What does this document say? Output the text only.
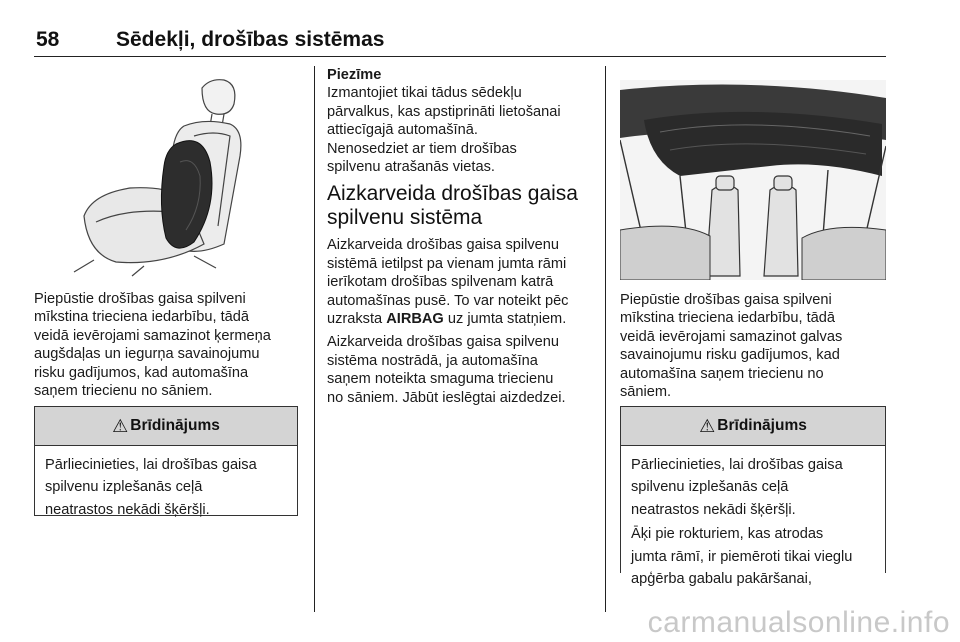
58	Sēdekļi, drošības sistēmas

Piepūstie drošības gaisa spilveni

mīkstina trieciena iedarbību, tādā

veidā ievērojami samazinot ķermeņa

augšdaļas un iegurņa savainojumu

risku gadījumos, kad automašīna

saņem triecienu no sāniem.

⚠ Brīdinājums
Pārliecinieties, lai drošības gaisa
spilvenu izplešanās ceļā
neatrastos nekādi šķēršļi.
Piezīme
Izmantojiet tikai tādus sēdekļu
pārvalkus, kas apstiprināti lietošanai
attiecīgajā automašīnā.
Nenosedziet ar tiem drošības
spilvenu atrašanās vietas.
Aizkarveida drošības gaisa
spilvenu sistēma
Aizkarveida drošības gaisa spilvenu
sistēmā ietilpst pa vienam jumta rāmi
ierīkotam drošības spilvenam katrā
automašīnas pusē. To var noteikt pēc
uzraksta AIRBAG uz jumta statņiem.
Aizkarveida drošības gaisa spilvenu
sistēma nostrādā, ja automašīna
saņem noteikta smaguma triecienu
no sāniem. Jābūt ieslēgtai aizdedzei.
Piepūstie drošības gaisa spilveni
mīkstina trieciena iedarbību, tādā
veidā ievērojami samazinot galvas
savainojumu risku gadījumos, kad
automašīna saņem triecienu no
sāniem.
⚠ Brīdinājums
Pārliecinieties, lai drošības gaisa
spilvenu izplešanās ceļā
neatrastos nekādi šķēršļi.
Āķi pie rokturiem, kas atrodas
jumta rāmī, ir piemēroti tikai vieglu
apģērba gabalu pakāršanai,
carmanualsonline.info
